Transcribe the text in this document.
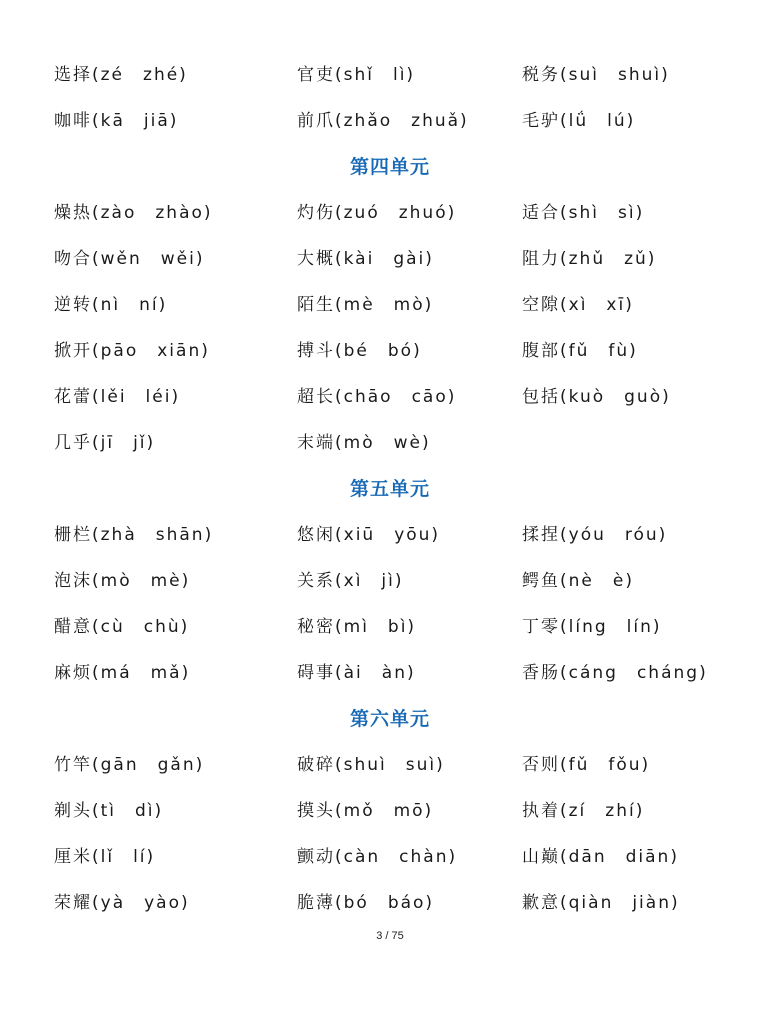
选择(zé　zhé)	官吏(shǐ　lì)	税务(suì　shuì)
咖啡(kā　jiā)	前爪(zhǎo　zhuǎ)	毛驴(lǘ　lú)
第四单元
燥热(zào　zhào)	灼伤(zuó　zhuó)	适合(shì　sì)
吻合(wěn　wěi)	大概(kài　gài)	阻力(zhǔ　zǔ)
逆转(nì　ní)	陌生(mè　mò)	空隙(xì　xī)
掀开(pāo　xiān)	搏斗(bé　bó)	腹部(fǔ　fù)
花蕾(lěi　léi)	超长(chāo　cāo)	包括(kuò　guò)
几乎(jī　jǐ)	末端(mò　wè)
第五单元
栅栏(zhà　shān)	悠闲(xiū　yōu)	揉捏(yóu　róu)
泡沫(mò　mè)	关系(xì　jì)	鳄鱼(nè　è)
醋意(cù　chù)	秘密(mì　bì)	丁零(líng　lín)
麻烦(má　mǎ)	碍事(ài　àn)	香肠(cáng　cháng)
第六单元
竹竿(gān　gǎn)	破碎(shuì　suì)	否则(fǔ　fǒu)
剃头(tì　dì)	摸头(mǒ　mō)	执着(zí　zhí)
厘米(lǐ　lí)	颤动(càn　chàn)	山巅(dān　diān)
荣耀(yà　yào)	脆薄(bó　báo)	歉意(qiàn　jiàn)
3 / 75
